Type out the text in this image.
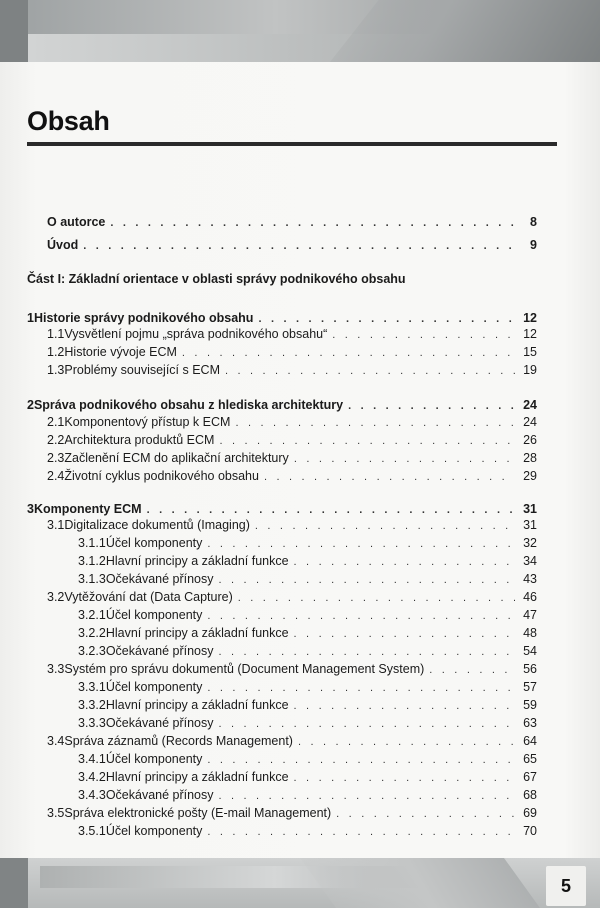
Obsah
O autorce . . .	8
Úvod . . .	9
1 Historie správy podnikového obsahu . . .	12
1.1 Vysvětlení pojmu „správa podnikového obsahu“ . . .	12
1.2 Historie vývoje ECM . . .	15
1.3 Problémy související s ECM . . .	19
2 Správa podnikového obsahu z hlediska architektury . . .	24
2.1 Komponentový přístup k ECM . . .	24
2.2 Architektura produktů ECM . . .	26
2.3 Začlenění ECM do aplikační architektury . . .	28
2.4 Životní cyklus podnikového obsahu . . .	29
3 Komponenty ECM . . .	31
3.1 Digitalizace dokumentů (Imaging) . . .	31
3.1.1 Účel komponenty . . .	32
3.1.2 Hlavní principy a základní funkce . . .	34
3.1.3 Očekávané přínosy . . .	43
3.2 Vytěžování dat (Data Capture) . . .	46
3.2.1 Účel komponenty . . .	47
3.2.2 Hlavní principy a základní funkce . . .	48
3.2.3 Očekávané přínosy . . .	54
3.3 Systém pro správu dokumentů (Document Management System) . . .	56
3.3.1 Účel komponenty . . .	57
3.3.2 Hlavní principy a základní funkce . . .	59
3.3.3 Očekávané přínosy . . .	63
3.4 Správa záznamů (Records Management) . . .	64
3.4.1 Účel komponenty . . .	65
3.4.2 Hlavní principy a základní funkce . . .	67
3.4.3 Očekávané přínosy . . .	68
3.5 Správa elektronické pošty (E-mail Management) . . .	69
3.5.1 Účel komponenty . . .	70
Část I: Základní orientace v oblasti správy podnikového obsahu
5
